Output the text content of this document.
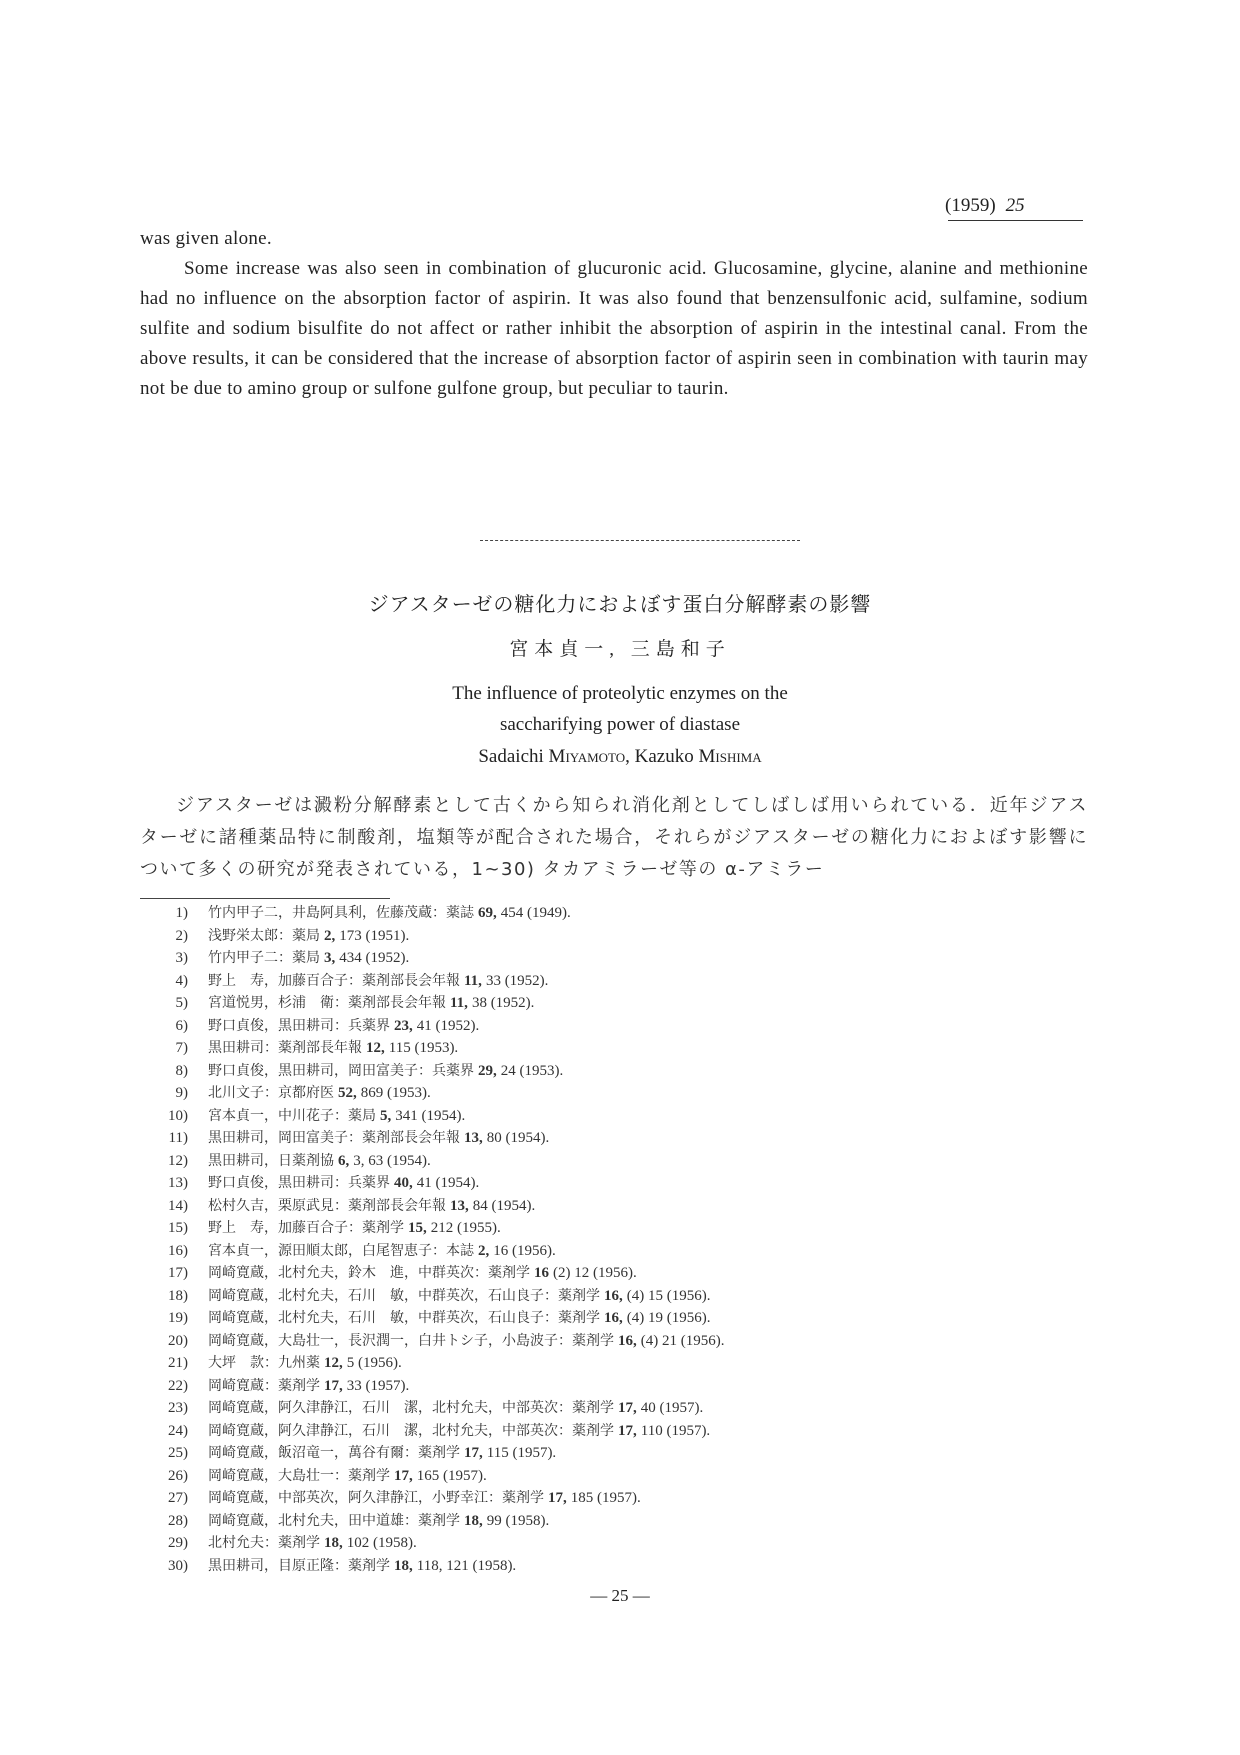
(1959) 25

was given alone.

Some increase was also seen in combination of glucuronic acid. Glucosamine, glycine, alanine and methionine had no influence on the absorption factor of aspirin. It was also found that benzensulfonic acid, sulfamine, sodium sulfite and sodium bisulfite do not affect or rather inhibit the absorption of aspirin in the intestinal canal. From the above results, it can be considered that the increase of absorption factor of aspirin seen in combination with taurin may not be due to amino group or sulfone gulfone group, but peculiar to taurin.

ジアスターゼの糖化力におよぼす蛋白分解酵素の影響
宮本貞一, 三島和子
The influence of proteolytic enzymes on the
saccharifying power of diastase
Sadaichi Miyamoto, Kazuko Mishima
ジアスターゼは澱粉分解酵素として古くから知られ消化剤としてしばしば用いられている．近年ジアスターゼに諸種薬品特に制酸剤，塩類等が配合された場合，それらがジアスターゼの糖化力におよぼす影響について多くの研究が発表されている，1~30) タカアミラーゼ等の α-アミラー
1) 竹内甲子二，井島阿具利，佐藤茂蔵：薬誌 69, 454 (1949).
2) 浅野栄太郎：薬局 2, 173 (1951).
3) 竹内甲子二：薬局 3, 434 (1952).
4) 野上　寿，加藤百合子：薬剤部長会年報 11, 33 (1952).
5) 宮道悦男，杉浦　衛：薬剤部長会年報 11, 38 (1952).
6) 野口貞俊，黒田耕司：兵薬界 23, 41 (1952).
7) 黒田耕司：薬剤部長年報 12, 115 (1953).
8) 野口貞俊，黒田耕司，岡田富美子：兵薬界 29, 24 (1953).
9) 北川文子：京都府医 52, 869 (1953).
10) 宮本貞一，中川花子：薬局 5, 341 (1954).
11) 黒田耕司，岡田富美子：薬剤部長会年報 13, 80 (1954).
12) 黒田耕司，日薬剤協 6, 3, 63 (1954).
13) 野口貞俊，黒田耕司：兵薬界 40, 41 (1954).
14) 松村久吉，栗原武見：薬剤部長会年報 13, 84 (1954).
15) 野上　寿，加藤百合子：薬剤学 15, 212 (1955).
16) 宮本貞一，源田順太郎，白尾智恵子：本誌 2, 16 (1956).
17) 岡崎寛蔵，北村允夫，鈴木　進，中群英次：薬剤学 16 (2) 12 (1956).
18) 岡崎寛蔵，北村允夫，石川　敏，中群英次，石山良子：薬剤学 16, (4) 15 (1956).
19) 岡崎寛蔵，北村允夫，石川　敏，中群英次，石山良子：薬剤学 16, (4) 19 (1956).
20) 岡崎寛蔵，大島壮一，長沢潤一，白井トシ子，小島波子：薬剤学 16, (4) 21 (1956).
21) 大坪　款：九州薬 12, 5 (1956).
22) 岡崎寛蔵：薬剤学 17, 33 (1957).
23) 岡崎寛蔵，阿久津静江，石川　潔，北村允夫，中部英次：薬剤学 17, 40 (1957).
24) 岡崎寛蔵，阿久津静江，石川　潔，北村允夫，中部英次：薬剤学 17, 110 (1957).
25) 岡崎寛蔵，飯沼竜一，萬谷有爾：薬剤学 17, 115 (1957).
26) 岡崎寛蔵，大島壮一：薬剤学 17, 165 (1957).
27) 岡崎寛蔵，中部英次，阿久津静江，小野幸江：薬剤学 17, 185 (1957).
28) 岡崎寛蔵，北村允夫，田中道雄：薬剤学 18, 99 (1958).
29) 北村允夫：薬剤学 18, 102 (1958).
30) 黒田耕司，目原正隆：薬剤学 18, 118, 121 (1958).
— 25 —
